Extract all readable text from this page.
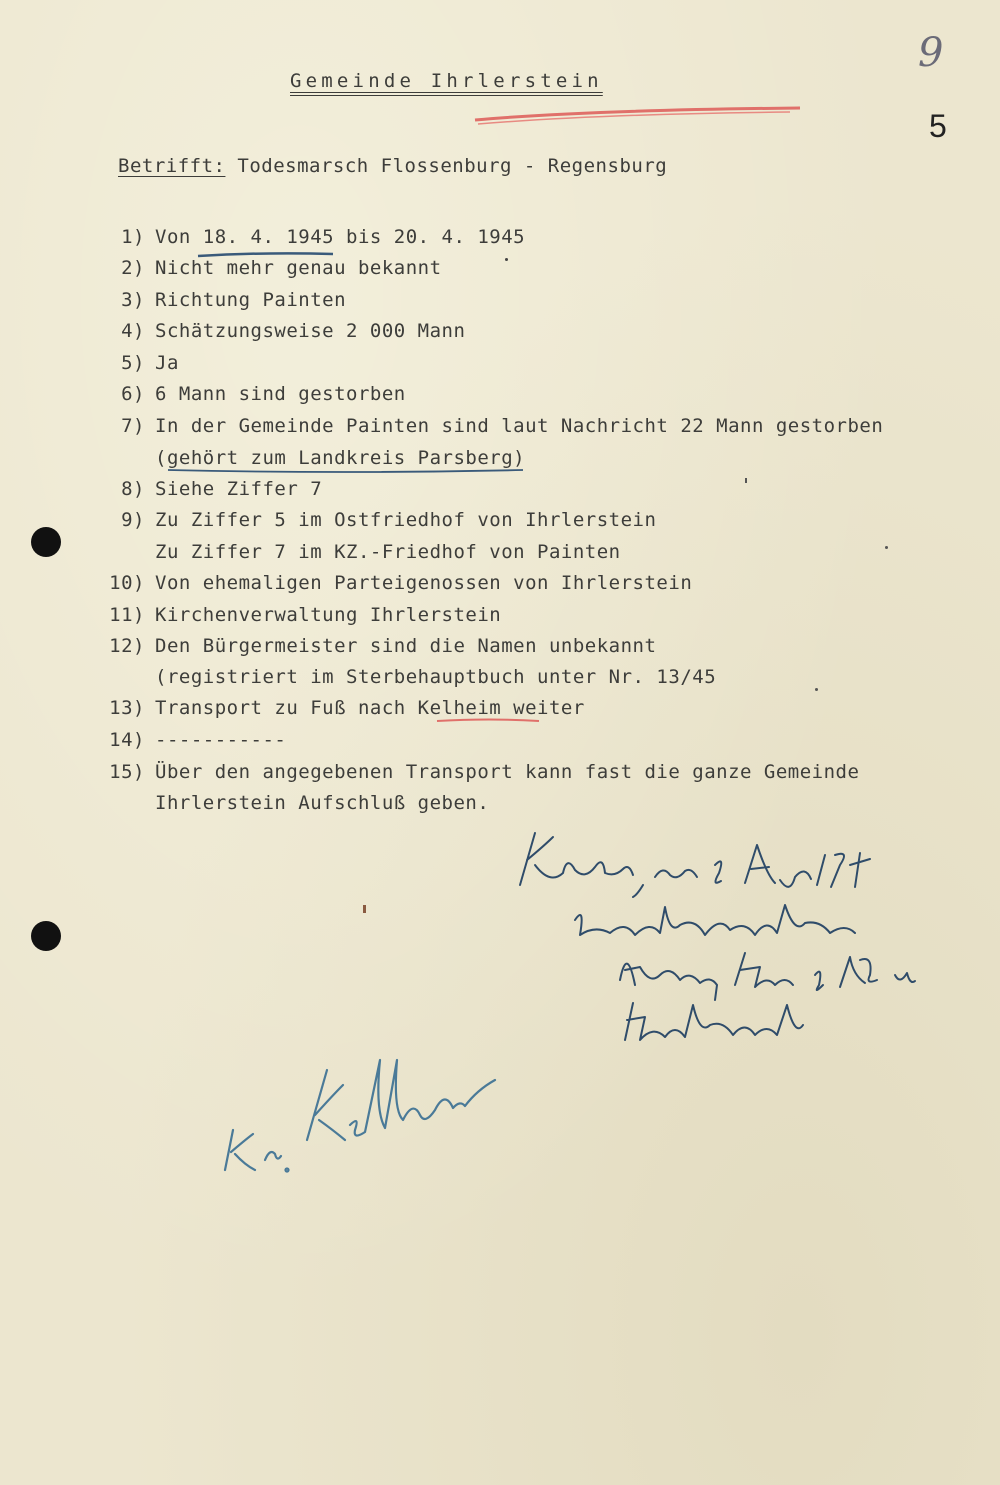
9
5
Gemeinde Ihrlerstein
Betrifft: Todesmarsch Flossenburg - Regensburg
1) Von 18. 4. 1945 bis 20. 4. 1945
2) Nicht mehr genau bekannt
3) Richtung Painten
4) Schätzungsweise 2 000 Mann
5) Ja
6) 6 Mann sind gestorben
7) In der Gemeinde Painten sind laut Nachricht 22 Mann gestorben
(gehört zum Landkreis Parsberg)
8) Siehe Ziffer 7
9) Zu Ziffer 5 im Ostfriedhof von Ihrlerstein
Zu Ziffer 7 im KZ.-Friedhof von Painten
10) Von ehemaligen Parteigenossen von Ihrlerstein
11) Kirchenverwaltung Ihrlerstein
12) Den Bürgermeister sind die Namen unbekannt
(registriert im Sterbehauptbuch unter Nr. 13/45
13) Transport zu Fuß nach Kelheim weiter
14) -----------
15) Über den angegebenen Transport kann fast die ganze Gemeinde
Ihrlerstein Aufschluß geben.
